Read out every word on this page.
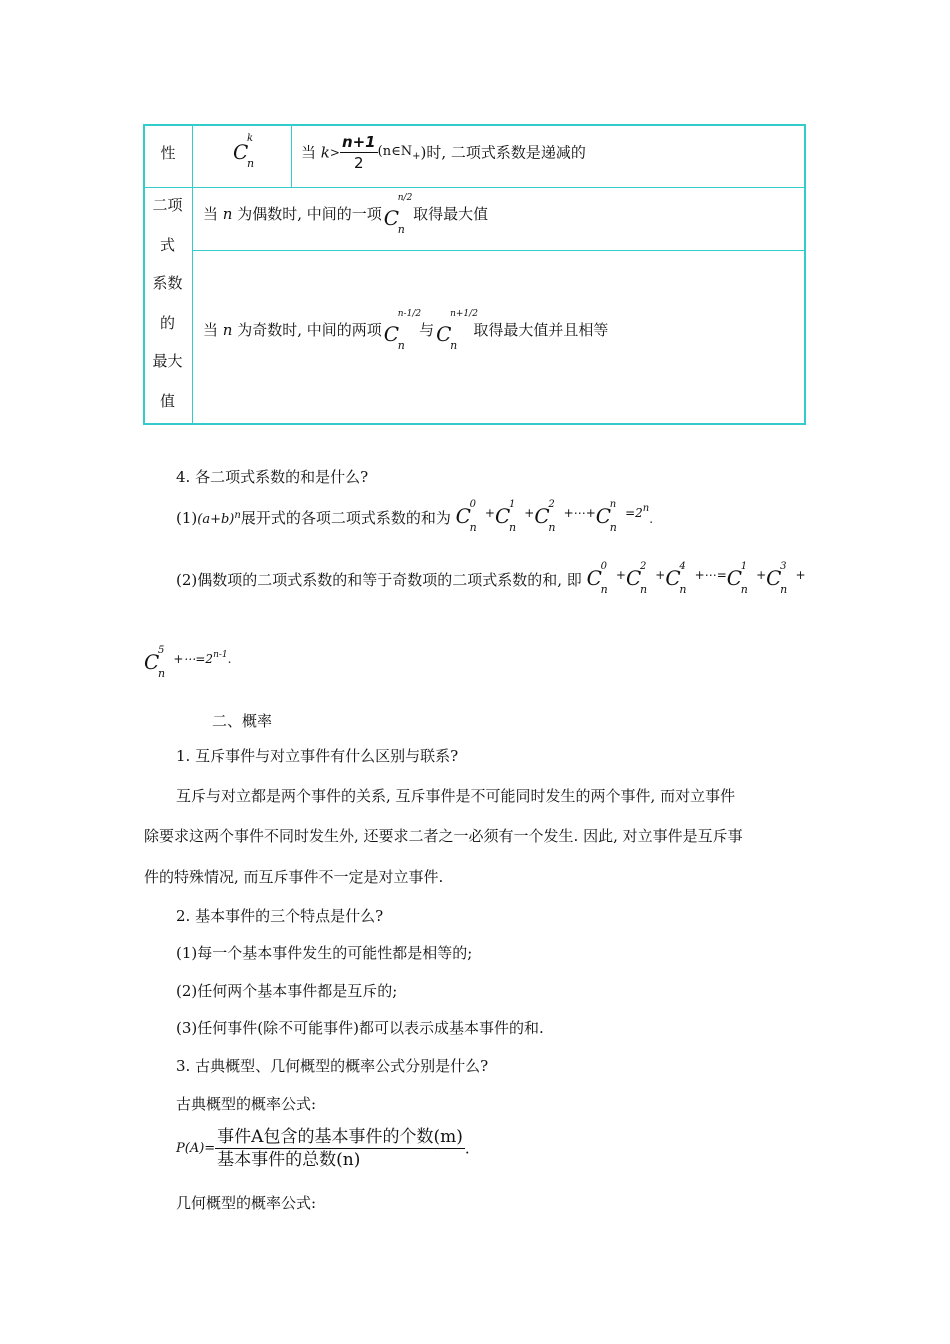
性	C
k
n
当 $k> \frac{n+1}{2}$ $(n\in N_+)$时, 二项式系数是递减的
二项
式
系数
的
最大
值
当 n 为偶数时, 中间的一项 C
n/2
n
取得最大值
当 n 为奇数时, 中间的两项 C
n-1/2
n
与 C
n+1/2
n
取得最大值并且相等
4. 各二项式系数的和是什么?
$(1)(a+b)^n$展开式的各项二项式系数的和为 C
0
n
+C
1
n
+C
2
n
+⋯+C
n
n
$=2^n$.
(2)偶数项的二项式系数的和等于奇数项的二项式系数的和, 即 C
0
n
+C
2
n
+C
4
n
+⋯=C
1
n
+C
3
n
+
C
5
n
$+\cdots=2^{n-1}$.
二、概率
1. 互斥事件与对立事件有什么区别与联系?
互斥与对立都是两个事件的关系, 互斥事件是不可能同时发生的两个事件, 而对立事件
除要求这两个事件不同时发生外, 还要求二者之一必须有一个发生. 因此, 对立事件是互斥事
件的特殊情况, 而互斥事件不一定是对立事件.
2. 基本事件的三个特点是什么?
(1)每一个基本事件发生的可能性都是相等的;
(2)任何两个基本事件都是互斥的;
(3)任何事件(除不可能事件)都可以表示成基本事件的和.
3. 古典概型、几何概型的概率公式分别是什么?
古典概型的概率公式:
$P(A)= \frac{\text{事件A包含的基本事件的个数(m)}}{\text{基本事件的总数(n)}}$ .
几何概型的概率公式:
